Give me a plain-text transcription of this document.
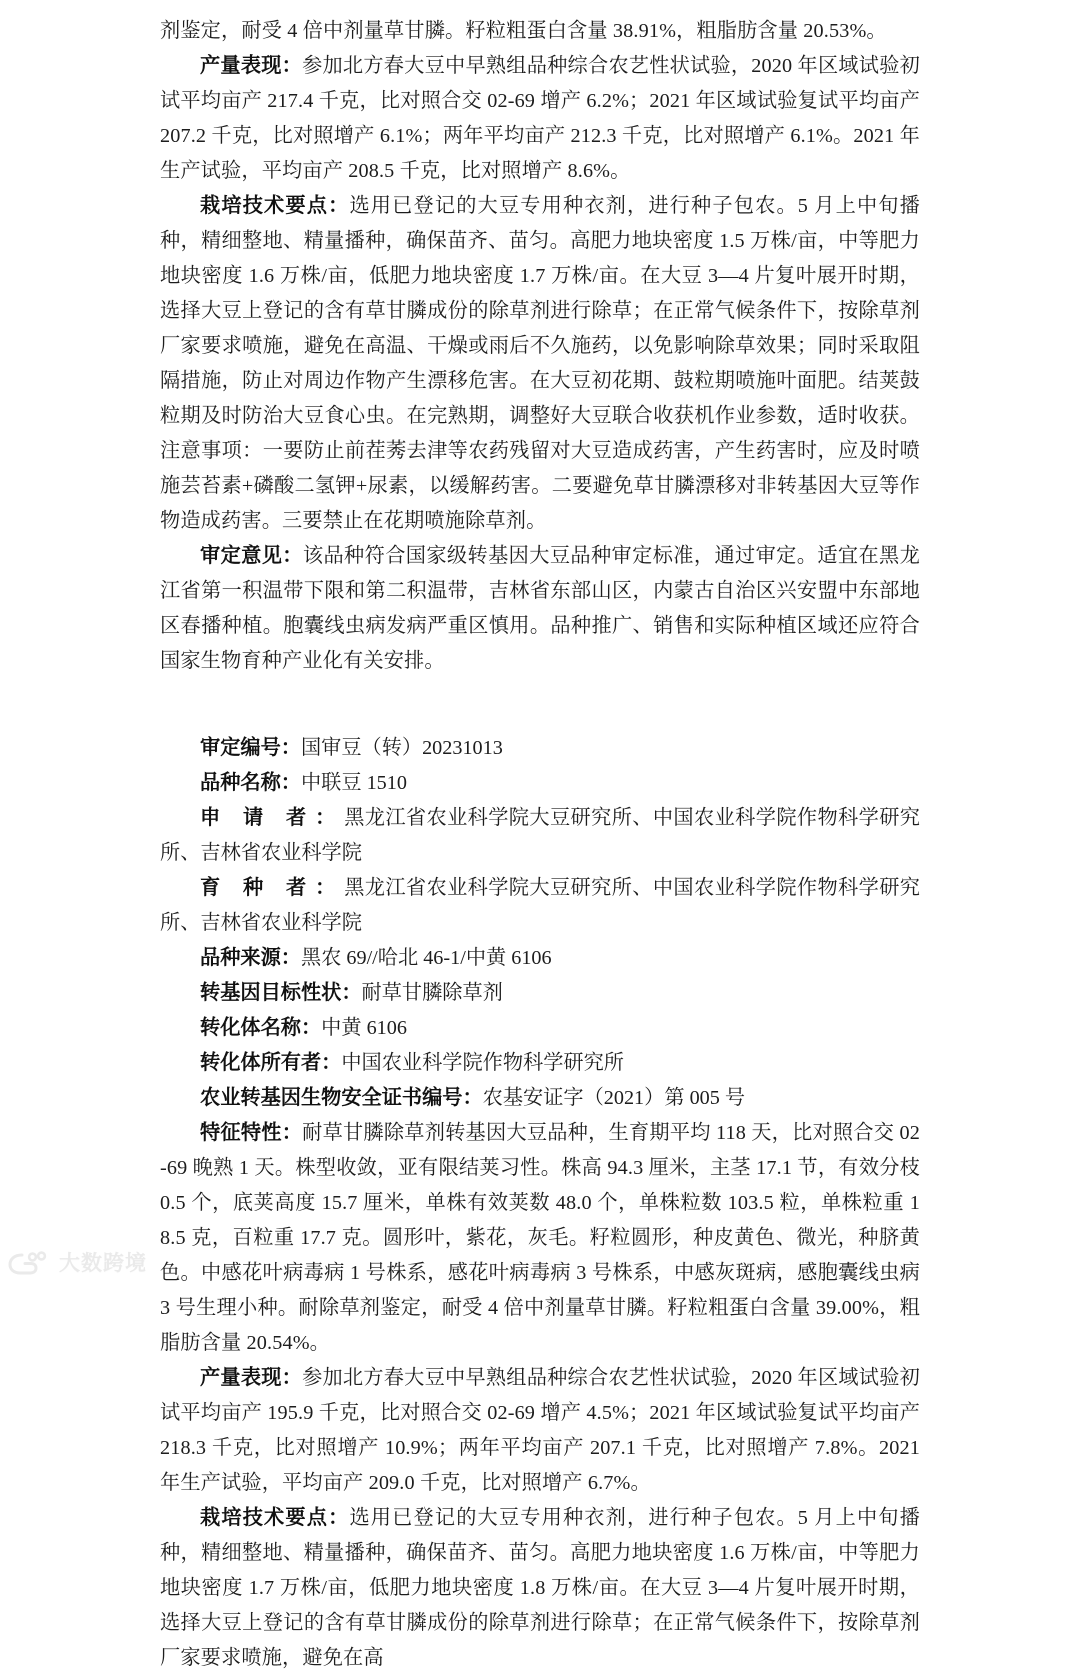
剂鉴定，耐受 4 倍中剂量草甘膦。籽粒粗蛋白含量 38.91%，粗脂肪含量 20.53%。

产量表现：参加北方春大豆中早熟组品种综合农艺性状试验，2020 年区域试验初试平均亩产 217.4 千克，比对照合交 02-69 增产 6.2%；2021 年区域试验复试平均亩产 207.2 千克，比对照增产 6.1%；两年平均亩产 212.3 千克，比对照增产 6.1%。2021 年生产试验，平均亩产 208.5 千克，比对照增产 8.6%。

栽培技术要点：选用已登记的大豆专用种衣剂，进行种子包农。5 月上中旬播种，精细整地、精量播种，确保苗齐、苗匀。高肥力地块密度 1.5 万株/亩，中等肥力地块密度 1.6 万株/亩，低肥力地块密度 1.7 万株/亩。在大豆 3—4 片复叶展开时期，选择大豆上登记的含有草甘膦成份的除草剂进行除草；在正常气候条件下，按除草剂厂家要求喷施，避免在高温、干燥或雨后不久施药，以免影响除草效果；同时采取阻隔措施，防止对周边作物产生漂移危害。在大豆初花期、鼓粒期喷施叶面肥。结荚鼓粒期及时防治大豆食心虫。在完熟期，调整好大豆联合收获机作业参数，适时收获。注意事项：一要防止前茬莠去津等农药残留对大豆造成药害，产生药害时，应及时喷施芸苔素+磷酸二氢钾+尿素，以缓解药害。二要避免草甘膦漂移对非转基因大豆等作物造成药害。三要禁止在花期喷施除草剂。

审定意见：该品种符合国家级转基因大豆品种审定标准，通过审定。适宜在黑龙江省第一积温带下限和第二积温带，吉林省东部山区，内蒙古自治区兴安盟中东部地区春播种植。胞囊线虫病发病严重区慎用。品种推广、销售和实际种植区域还应符合国家生物育种产业化有关安排。

审定编号：国审豆（转）20231013

品种名称：中联豆 1510

申 请 者：黑龙江省农业科学院大豆研究所、中国农业科学院作物科学研究所、吉林省农业科学院

育 种 者：黑龙江省农业科学院大豆研究所、中国农业科学院作物科学研究所、吉林省农业科学院

品种来源：黑农 69//哈北 46-1/中黄 6106

转基因目标性状：耐草甘膦除草剂

转化体名称：中黄 6106

转化体所有者：中国农业科学院作物科学研究所

农业转基因生物安全证书编号：农基安证字（2021）第 005 号

特征特性：耐草甘膦除草剂转基因大豆品种，生育期平均 118 天，比对照合交 02-69 晚熟 1 天。株型收敛，亚有限结荚习性。株高 94.3 厘米，主茎 17.1 节，有效分枝 0.5 个，底荚高度 15.7 厘米，单株有效荚数 48.0 个，单株粒数 103.5 粒，单株粒重 18.5 克，百粒重 17.7 克。圆形叶，紫花，灰毛。籽粒圆形，种皮黄色、微光，种脐黄色。中感花叶病毒病 1 号株系，感花叶病毒病 3 号株系，中感灰斑病，感胞囊线虫病 3 号生理小种。耐除草剂鉴定，耐受 4 倍中剂量草甘膦。籽粒粗蛋白含量 39.00%，粗脂肪含量 20.54%。

产量表现：参加北方春大豆中早熟组品种综合农艺性状试验，2020 年区域试验初试平均亩产 195.9 千克，比对照合交 02-69 增产 4.5%；2021 年区域试验复试平均亩产 218.3 千克，比对照增产 10.9%；两年平均亩产 207.1 千克，比对照增产 7.8%。2021 年生产试验，平均亩产 209.0 千克，比对照增产 6.7%。

栽培技术要点：选用已登记的大豆专用种衣剂，进行种子包农。5 月上中旬播种，精细整地、精量播种，确保苗齐、苗匀。高肥力地块密度 1.6 万株/亩，中等肥力地块密度 1.7 万株/亩，低肥力地块密度 1.8 万株/亩。在大豆 3—4 片复叶展开时期，选择大豆上登记的含有草甘膦成份的除草剂进行除草；在正常气候条件下，按除草剂厂家要求喷施，避免在高

大数跨境
